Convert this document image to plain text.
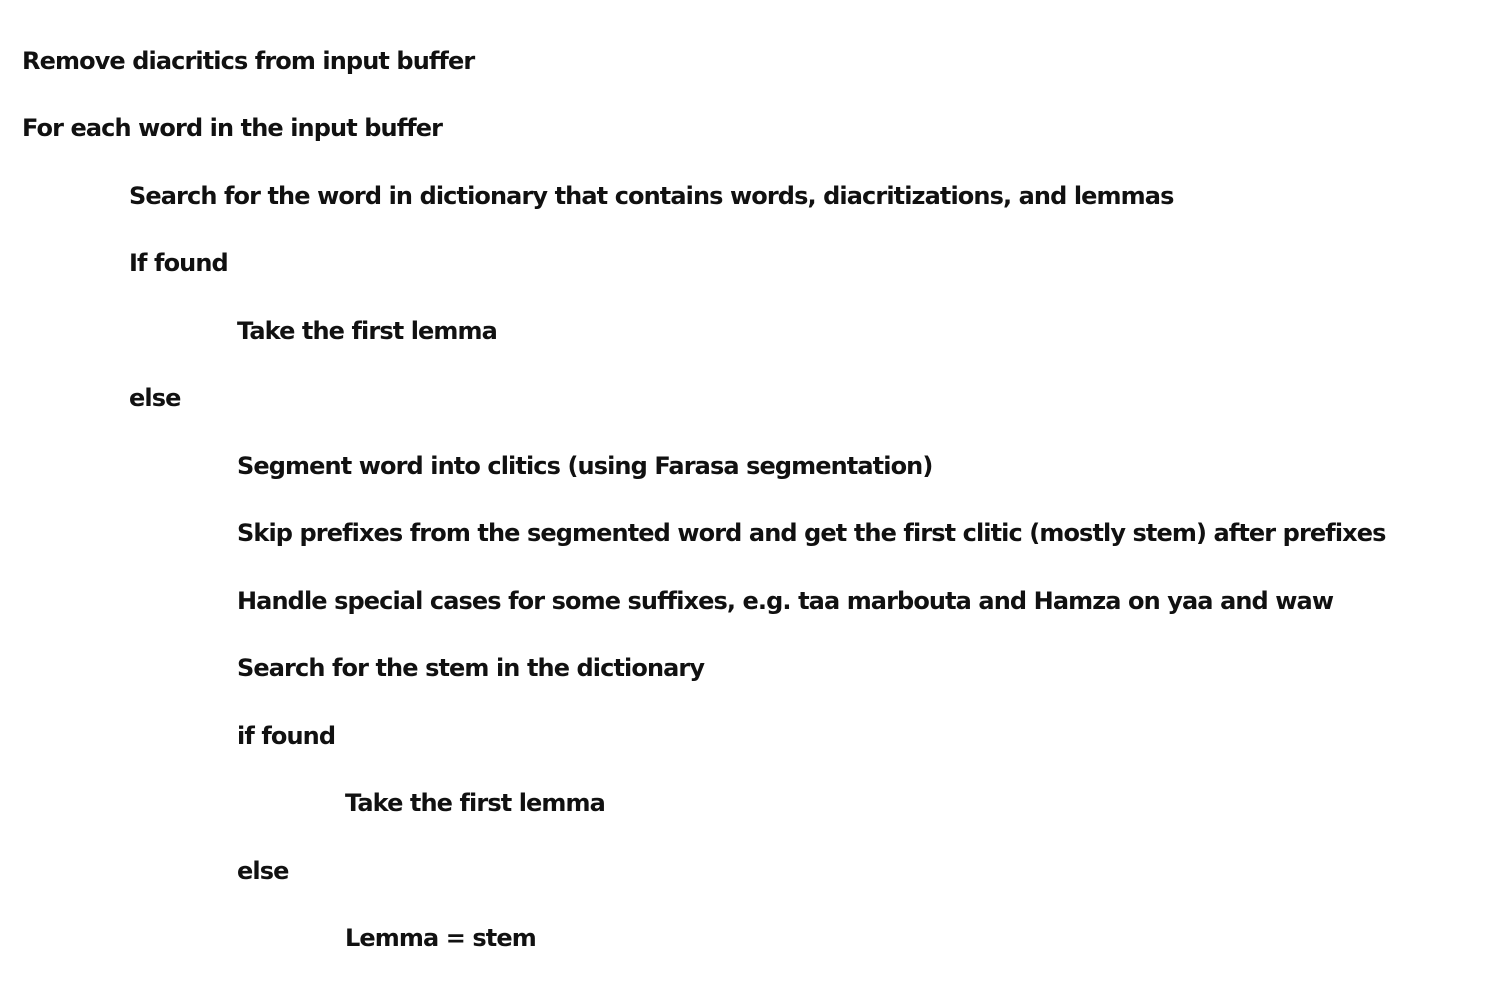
Remove diacritics from input buffer
For each word in the input buffer
Search for the word in dictionary that contains words, diacritizations, and lemmas
If found
Take the first lemma
else
Segment word into clitics (using Farasa segmentation)
Skip prefixes from the segmented word and get the first clitic (mostly stem) after prefixes
Handle special cases for some suffixes, e.g. taa marbouta and Hamza on yaa and waw
Search for the stem in the dictionary
if found
Take the first lemma
else
Lemma = stem
